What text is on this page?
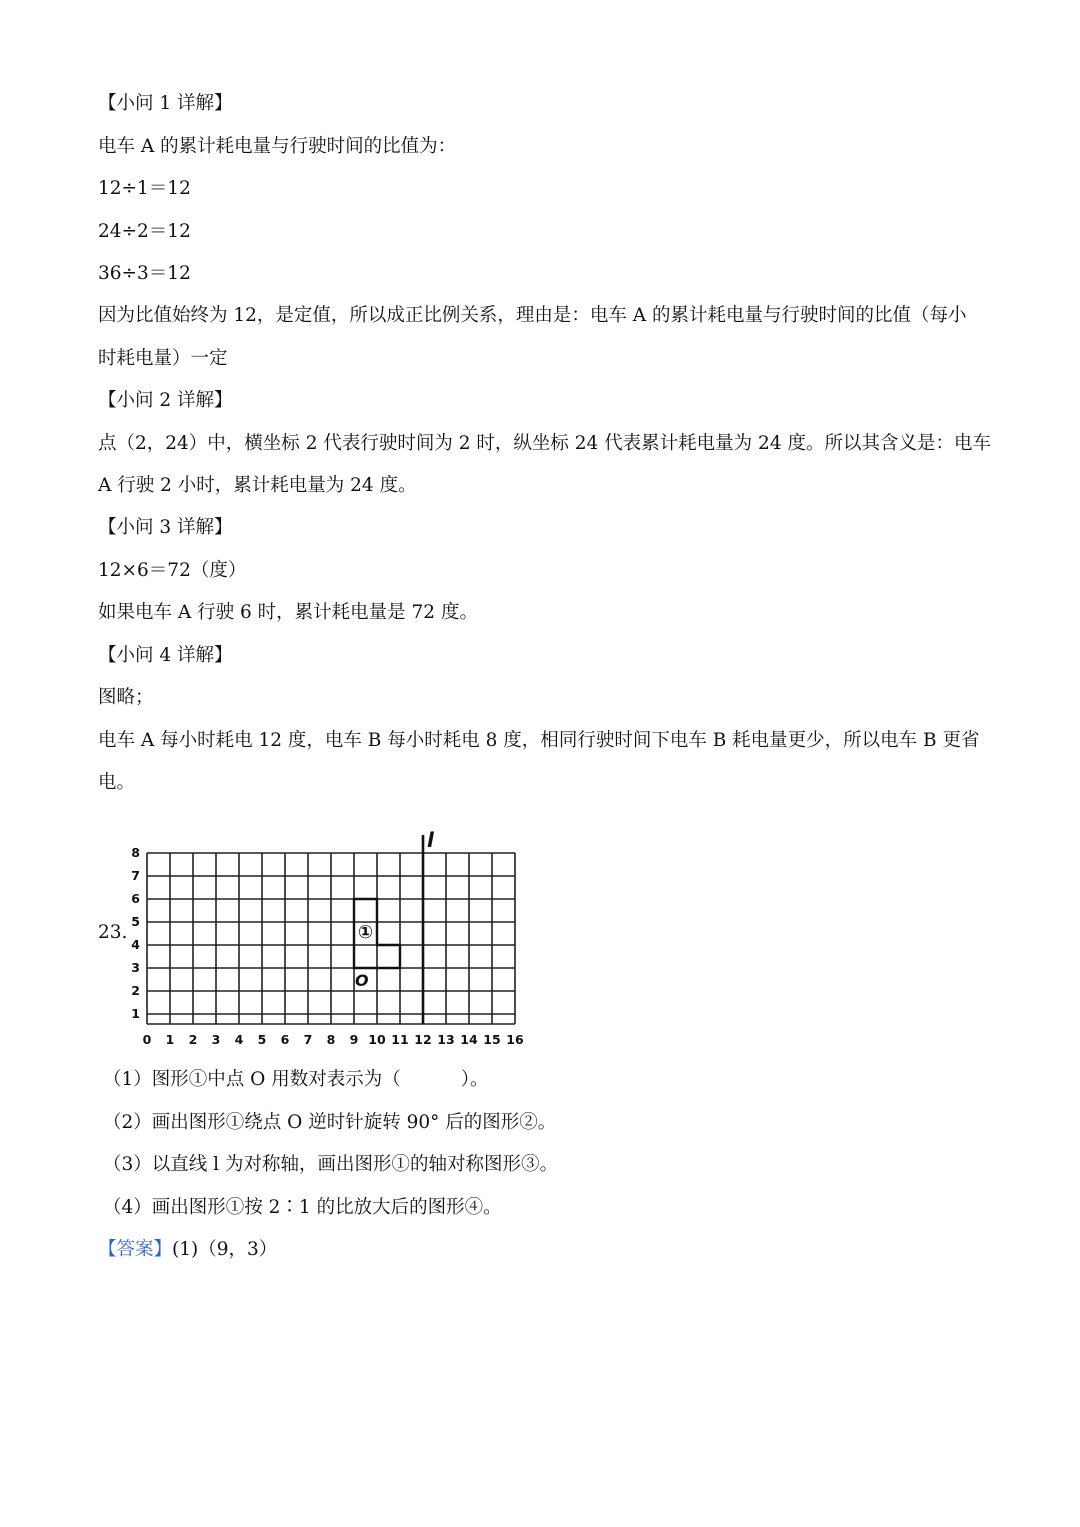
【小问 1 详解】
电车 A 的累计耗电量与行驶时间的比值为：
12÷1＝12
24÷2＝12
36÷3＝12
因为比值始终为 12，是定值，所以成正比例关系，理由是：电车 A 的累计耗电量与行驶时间的比值（每小
时耗电量）一定
【小问 2 详解】
点（2，24）中，横坐标 2 代表行驶时间为 2 时，纵坐标 24 代表累计耗电量为 24 度。所以其含义是：电车
A 行驶 2 小时，累计耗电量为 24 度。
【小问 3 详解】
12×6＝72（度）
如果电车 A 行驶 6 时，累计耗电量是 72 度。
【小问 4 详解】
图略；
电车 A 每小时耗电 12 度，电车 B 每小时耗电 8 度，相同行驶时间下电车 B 耗电量更少，所以电车 B 更省
电。
23.
l
①
O
0 1 2 3 4 5 6 7 8 9 10 11 12 13 14 15 16
1
2
3
4
5
6
7
8
（1）图形①中点 O 用数对表示为（	）。
（2）画出图形①绕点 O 逆时针旋转 90° 后的图形②。
（3）以直线 l 为对称轴，画出图形①的轴对称图形③。
（4）画出图形①按 2∶1 的比放大后的图形④。
【答案】(1)（9，3）
